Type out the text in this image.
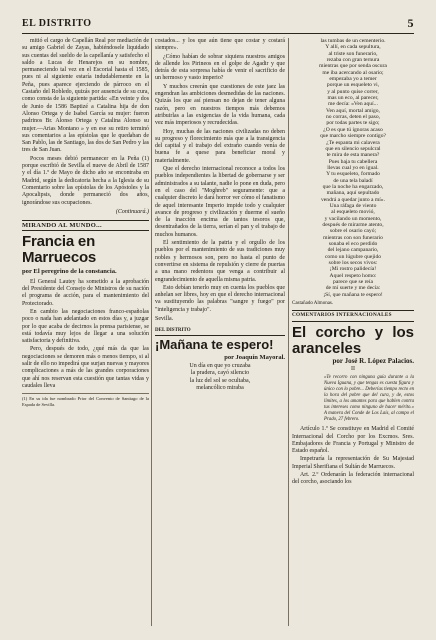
EL DISTRITO	5

mitió el cargo de Capellán Real por mediación de su amigo Gabriel de Zayas, habiéndosele liquidado sus cuentas del sueldo de la capellanía y satisfecho el saldo a Lucas de Henarejos en su nombre, permaneciendo tal vez en el Escorial hasta el 1585, pues ni al siguiente estaría indudablemente en la Peña, pues aparece ejerciendo de párroco en el Castaño del Robledo, quizás por ausencia de su cura, como consta de la siguiente partida: «En veinte y dos de Junio de 1586 Baptizé a Catalina hija de don Alonso Ortega y de Isabel García su mujer: fueron padrinos Br. Alonso Ortega y Catalina Alonso su mujer.—Arias Montano » y en ese su retiro terminó sus comentarios a las epístolas que le quedaban de San Pablo, las de Santiago, las dos de San Pedro y las tres de San Juan.

Pocos meses debió permanecer en la Peña (1) porque escribió de Sevilla el nueve de Abril de 1587 y el día 1.º de Mayo de dicho año se encontraba en Madrid, según la dedicatoria hecha a la Iglesia de su Comentario sobre las epístolas de los Apóstoles y la Apocalipsis, donde permaneció dos años, ignorándose sus ocupaciones.

(Continuará.)
MIRANDO AL MUNDO...
Francia en Marruecos
por El peregrino de la constancia.

El General Lautey ha sometido a la aprobación del Presidente del Consejo de Ministros de su nación el programa de acción, para el mantenimiento del Protectorado.

En cambio las negociaciones franco-españolas poco o nada han adelantado en estos días y, a juzgar por lo que acaba de decirnos la prensa parisiense, se está todavía muy lejos de llegar a una solución satisfactoria y definitiva.

Pero, después de todo, ¿qué más da que las negociaciones se demoren más o menos tiempo, si al salir de ello no impedirá que surjan nuevas y mayores complicaciones a más de las grandes corporaciones que ahí nos reservan esta cuestión que tantas vidas y caudales lleva

(1) En su ida fue nombrado Prior del Convento de Santiago de la Espada de Sevilla.

costados... y los que aún tiene que costar y costará siempre».

¿Cómo habían de sobrar siquiera nuestros amigos de allende los Pirineos en el golpe de Agadir y que detrás de esta sorpresa había de venir el sacrificio de un hermoso y vasto imperio?

Y muchos creerán que cuestiones de este jaez las engendran las ambiciones desmedidas de las naciones. Quizás los que así piensan no dejan de tener alguna razón, pero en nuestros tiempos más debemos atribuirlas a las exigencias de la vida humana, cada vez más imperiosos y recrudecidas.

Hoy, muchas de las naciones civilizadas no deben su progreso y florecimiento más que a la transigencia del capital y el trabajo del extraño cuando venía de buena fe a quese para beneficiar moral y materialmente.

Que el derecho internacional reconoce a todos los pueblos independientes la libertad de gobernarse y ser administrados a su talante, nadie lo pone en duda, pero en el caso del "Moghreb" seguramente: que a cualquier discreto le dará horror ver cómo el fanatismo de aquel interesante Imperio impide todo y cualquier avance de progreso y civilización y duerme el sueño de la inacción encima de tantos tesoros que, desentrañados de la tierra, serían el pan y el trabajo de muchos humanos.

El sentimiento de la patria y el orgullo de los pueblos por el mantenimiento de sus tradiciones muy nobles y hermosos son, pero no hasta el punto de convertirse en sistema de repulsión y cierre de puertas a una mano redentora que venga a contribuir al engrandecimiento de aquella misma patria.

Esto debían tenerlo muy en cuenta los pueblos que anhelan ser libres, hoy en que el derecho internacional va sustituyendo las palabras "sangre y fuego" por "inteligencia y trabajo".

Sevilla.
DEL DISTRITO
¡Mañana te espero!
por Joaquín Mayoral.
Un día en que yo cruzaba
la pradera, cayó silencio
la luz del sol se ocultaba,
melancólico miraba
las tumbas de un cementerio.
Y allí, en cada sepultura,
al triste son funerario,
rezaba con gran ternura
mientras que por senda oscura
me iba acercando al osario;
empezaba yo a temer
porque un esqueleto vi,
y al punto quise correr,
mas un eco, al parecer,
me decía: «Ven aquí...
Ven aquí, mortal amigo,
no corras, deten el paso,
por todas partes te sigo;
¿O es que tú ignoras acaso
que marcho siempre contigo?
¿Te espanta mi calavera
que en silencio sepulcral
te mira de esta manera?
Pues baja tu cabellera
llevas cual yo en igual.
Y tu esqueleto, formado
de una tela baladí
que la noche ha engarzado,
mañana, aquí sepultado
vendrá a quedar junto a mí».
Una ráfaga de viento
al esqueleto movió,
y vacilando un momento,
después de mirarme atento,
sobre el osario cayó;
mientras con son funerario
sonaba el eco perdido
del lejano campanario,
como un lúgubre quejido
sobre los secos vivos:
¡Mi rostro palidecía!
Aquel respeto homo:
parece que se reía
de mí suerte y me decía:
¡Sí, que mañana te espero!
Castañado Almonas.
COMENTARIOS INTERNACIONALES
El corcho y los aranceles
por José R. López Palacios.
II
«Te recorro con ninguna guía durante a la Nueva Iguana, y que tengas es cuesta figura y único con lo pobre... Deberías tiempo recto en la hora del pobre que del cura, y de, estos límites, a los amantes para que hablen contra tus intereses como ninguno de hacer mérito.» A manera del Conde de Los Lais, al campo el Prado, 27 febrero.

Artículo 1.º Se constituye en Madrid el Comité Internacional del Corcho por los Excmos. Sres. Embajadores de Francia y Portugal y Ministro de Estado español.

Impetraría la representación de Su Majestad Imperial Sherifiana el Sultán de Marruecos.

Art. 2.º Ordenarán la federación internacional del corcho, asociando los
